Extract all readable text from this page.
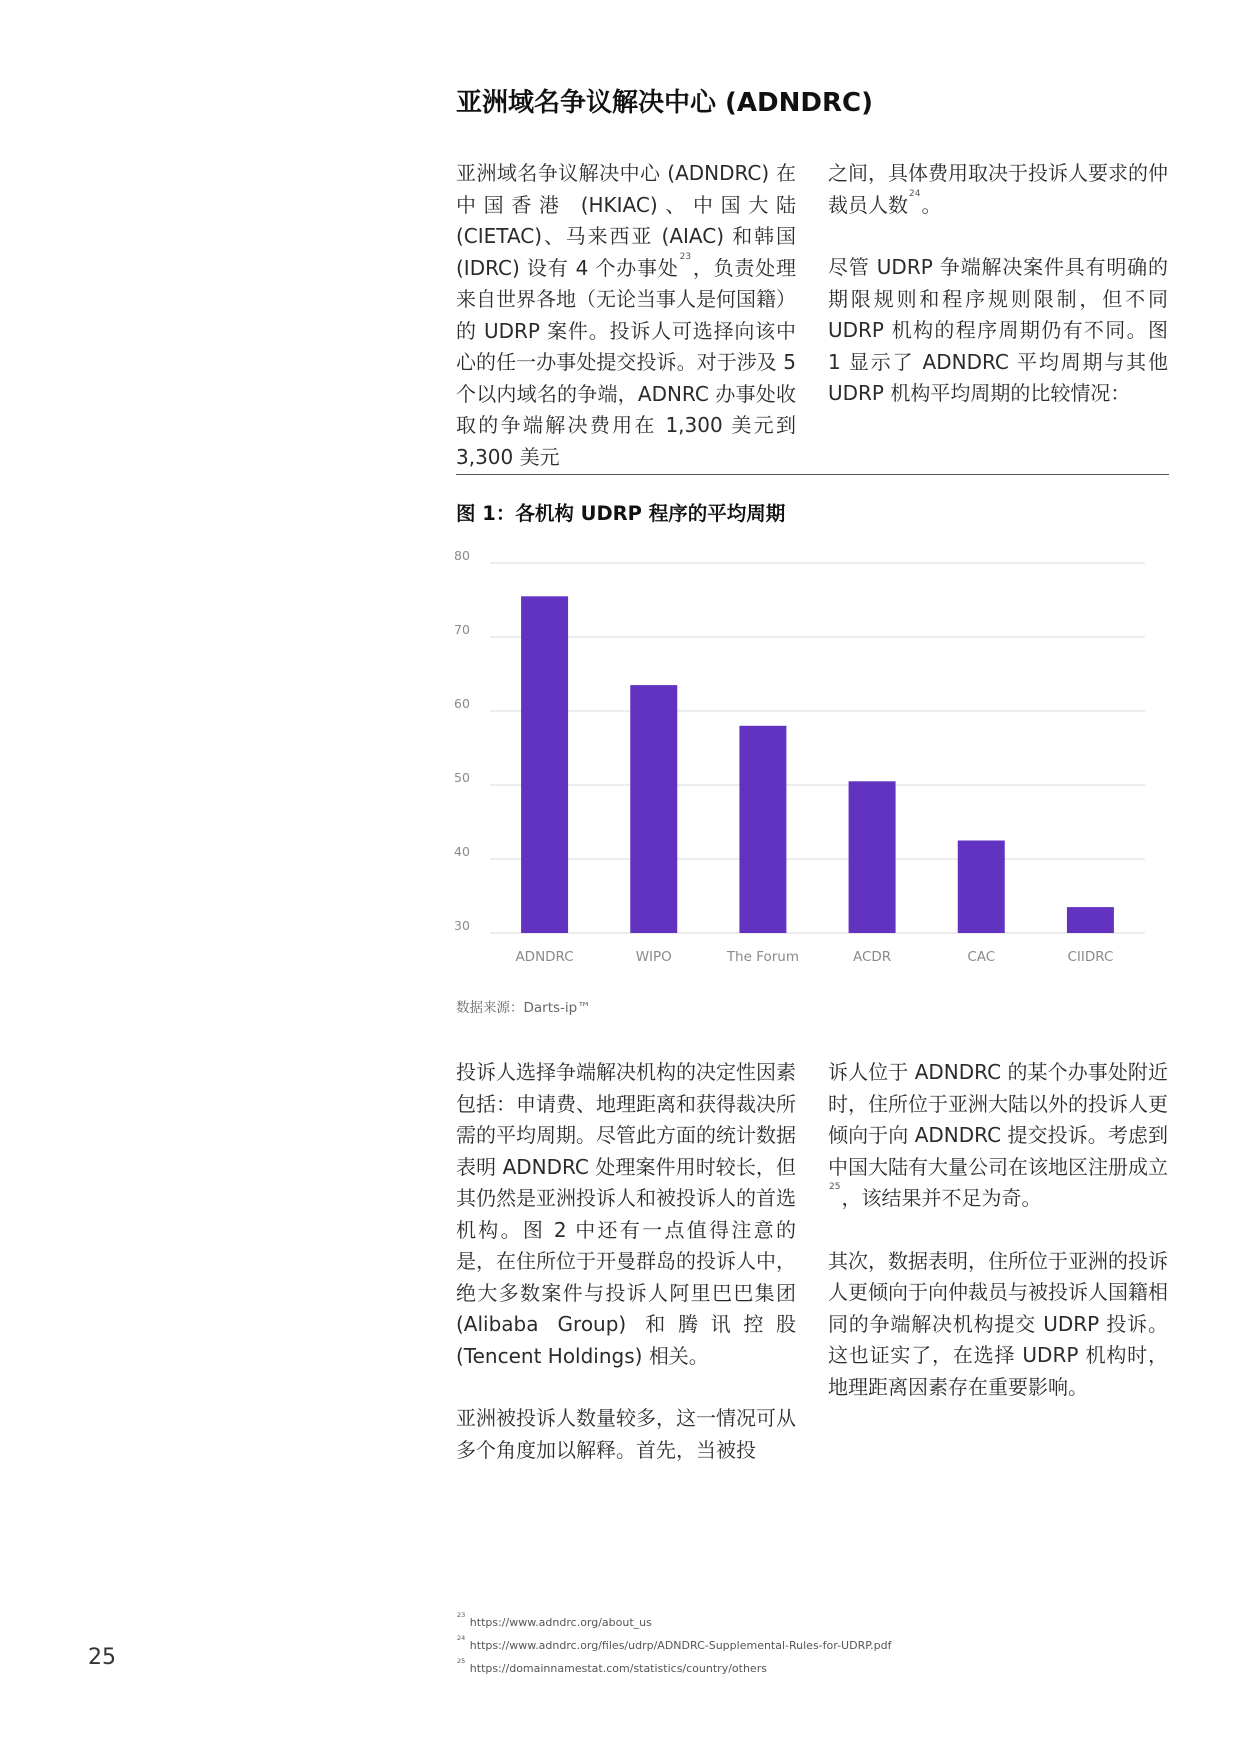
亚洲域名争议解决中心 (ADNDRC)

亚洲域名争议解决中心 (ADNDRC) 在中国香港 (HKIAC)、中国大陆 (CIETAC)、马来西亚 (AIAC) 和韩国 (IDRC) 设有 4 个办事处$^{23}$，负责处理来自世界各地（无论当事人是何国籍）的 UDRP 案件。投诉人可选择向该中心的任一办事处提交投诉。对于涉及 5 个以内域名的争端，ADNRC 办事处收取的争端解决费用在 1,300 美元到 3,300 美元

之间，具体费用取决于投诉人要求的仲裁员人数$^{24}$。

尽管 UDRP 争端解决案件具有明确的期限规则和程序规则限制，但不同 UDRP 机构的程序周期仍有不同。图 1 显示了 ADNDRC 平均周期与其他 UDRP 机构平均周期的比较情况：

图 1：各机构 UDRP 程序的平均周期
30
40
50
60
70
80
ADNDRC	WIPO	The Forum	ACDR	CAC	CIIDRC
数据来源：Darts-ip™

投诉人选择争端解决机构的决定性因素包括：申请费、地理距离和获得裁决所需的平均周期。尽管此方面的统计数据表明 ADNDRC 处理案件用时较长，但其仍然是亚洲投诉人和被投诉人的首选机构。图 2 中还有一点值得注意的是，在住所位于开曼群岛的投诉人中，绝大多数案件与投诉人阿里巴巴集团 (Alibaba Group) 和腾讯控股 (Tencent Holdings) 相关。

亚洲被投诉人数量较多，这一情况可从多个角度加以解释。首先，当被投

诉人位于 ADNDRC 的某个办事处附近时，住所位于亚洲大陆以外的投诉人更倾向于向 ADNDRC 提交投诉。考虑到中国大陆有大量公司在该地区注册成立$^{25}$，该结果并不足为奇。

其次，数据表明，住所位于亚洲的投诉人更倾向于向仲裁员与被投诉人国籍相同的争端解决机构提交 UDRP 投诉。这也证实了，在选择 UDRP 机构时，地理距离因素存在重要影响。

$^{23}$ https://www.adndrc.org/about_us
$^{24}$ https://www.adndrc.org/files/udrp/ADNDRC-Supplemental-Rules-for-UDRP.pdf
$^{25}$ https://domainnamestat.com/statistics/country/others
25
